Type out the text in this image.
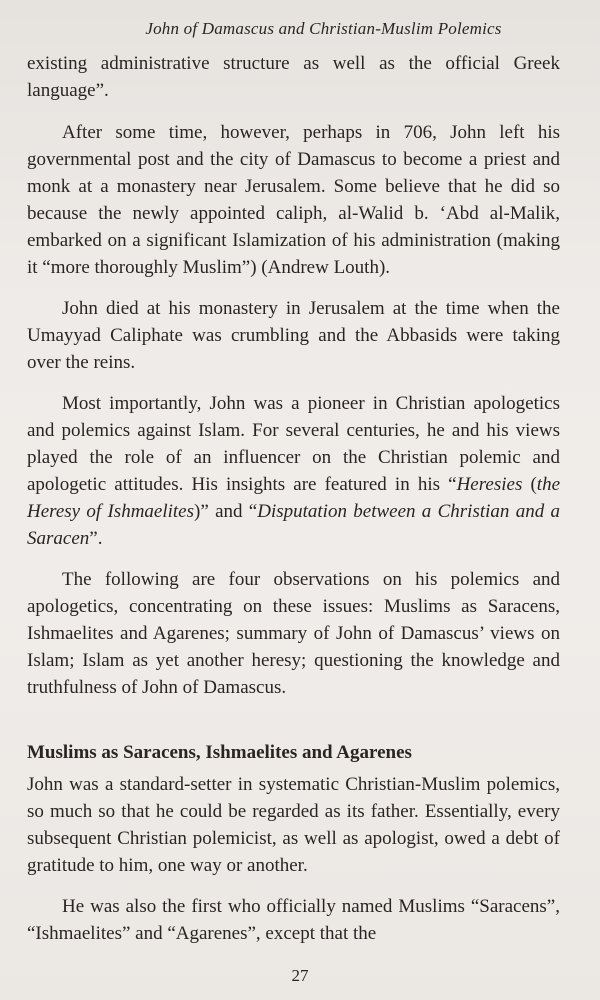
John of Damascus and Christian-Muslim Polemics

existing administrative structure as well as the official Greek language”.

After some time, however, perhaps in 706, John left his governmental post and the city of Damascus to become a priest and monk at a monastery near Jerusalem. Some believe that he did so because the newly appointed caliph, al-Walid b. ‘Abd al-Malik, embarked on a significant Islamization of his administration (making it “more thoroughly Muslim”) (Andrew Louth).

John died at his monastery in Jerusalem at the time when the Umayyad Caliphate was crumbling and the Abbasids were taking over the reins.

Most importantly, John was a pioneer in Christian apologetics and polemics against Islam. For several centuries, he and his views played the role of an influencer on the Christian polemic and apologetic attitudes. His insights are featured in his “Heresies (the Heresy of Ishmaelites)” and “Disputation between a Christian and a Saracen”.

The following are four observations on his polemics and apologetics, concentrating on these issues: Muslims as Saracens, Ishmaelites and Agarenes; summary of John of Damascus’ views on Islam; Islam as yet another heresy; questioning the knowledge and truthfulness of John of Damascus.

Muslims as Saracens, Ishmaelites and Agarenes

John was a standard-setter in systematic Christian-Muslim polemics, so much so that he could be regarded as its father. Essentially, every subsequent Christian polemicist, as well as apologist, owed a debt of gratitude to him, one way or another.

He was also the first who officially named Muslims “Saracens”, “Ishmaelites” and “Agarenes”, except that the

27
